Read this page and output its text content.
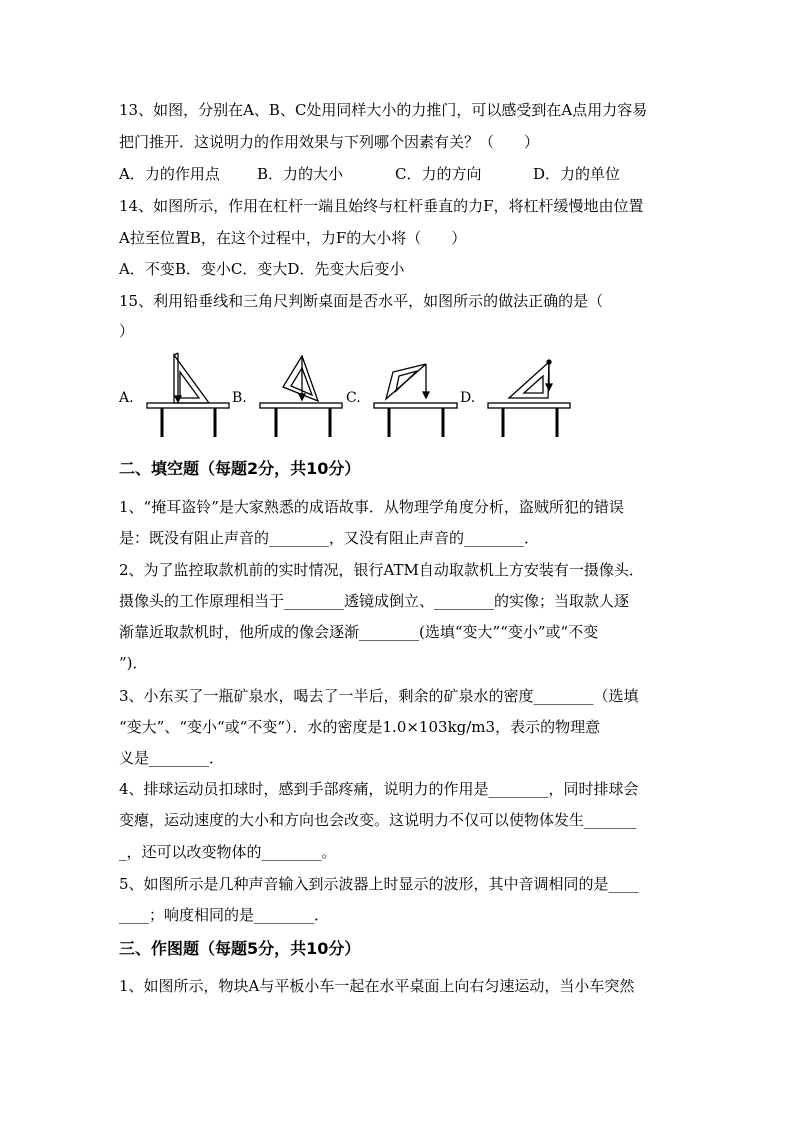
13、如图，分别在A、B、C处用同样大小的力推门，可以感受到在A点用力容易
把门推开．这说明力的作用效果与下列哪个因素有关？（　　）
A．力的作用点 B．力的大小	C．力的方向	D．力的单位
14、如图所示，作用在杠杆一端且始终与杠杆垂直的力F，将杠杆缓慢地由位置
A拉至位置B，在这个过程中，力F的大小将（　　）
A．不变B．变小C．变大D．先变大后变小
15、利用铅垂线和三角尺判断桌面是否水平，如图所示的做法正确的是（
）
A.	B.	C.	D.
二、填空题（每题2分，共10分）
1、“掩耳盗铃”是大家熟悉的成语故事．从物理学角度分析，盗贼所犯的错误
是：既没有阻止声音的________，又没有阻止声音的________．
2、为了监控取款机前的实时情况，银行ATM自动取款机上方安装有一摄像头．
摄像头的工作原理相当于________透镜成倒立、________的实像；当取款人逐
渐靠近取款机时，他所成的像会逐渐________(选填“变大”“变小”或“不变
”)．
3、小东买了一瓶矿泉水，喝去了一半后，剩余的矿泉水的密度________（选填
“变大”、“变小“或“不变”）．水的密度是1.0×103kg/m3，表示的物理意
义是________．
4、排球运动员扣球时，感到手部疼痛，说明力的作用是________，同时排球会
变瘪，运动速度的大小和方向也会改变。这说明力不仅可以使物体发生_______
_，还可以改变物体的________。
5、如图所示是几种声音输入到示波器上时显示的波形，其中音调相同的是____
____；响度相同的是________．
三、作图题（每题5分，共10分）
1、如图所示，物块A与平板小车一起在水平桌面上向右匀速运动，当小车突然
